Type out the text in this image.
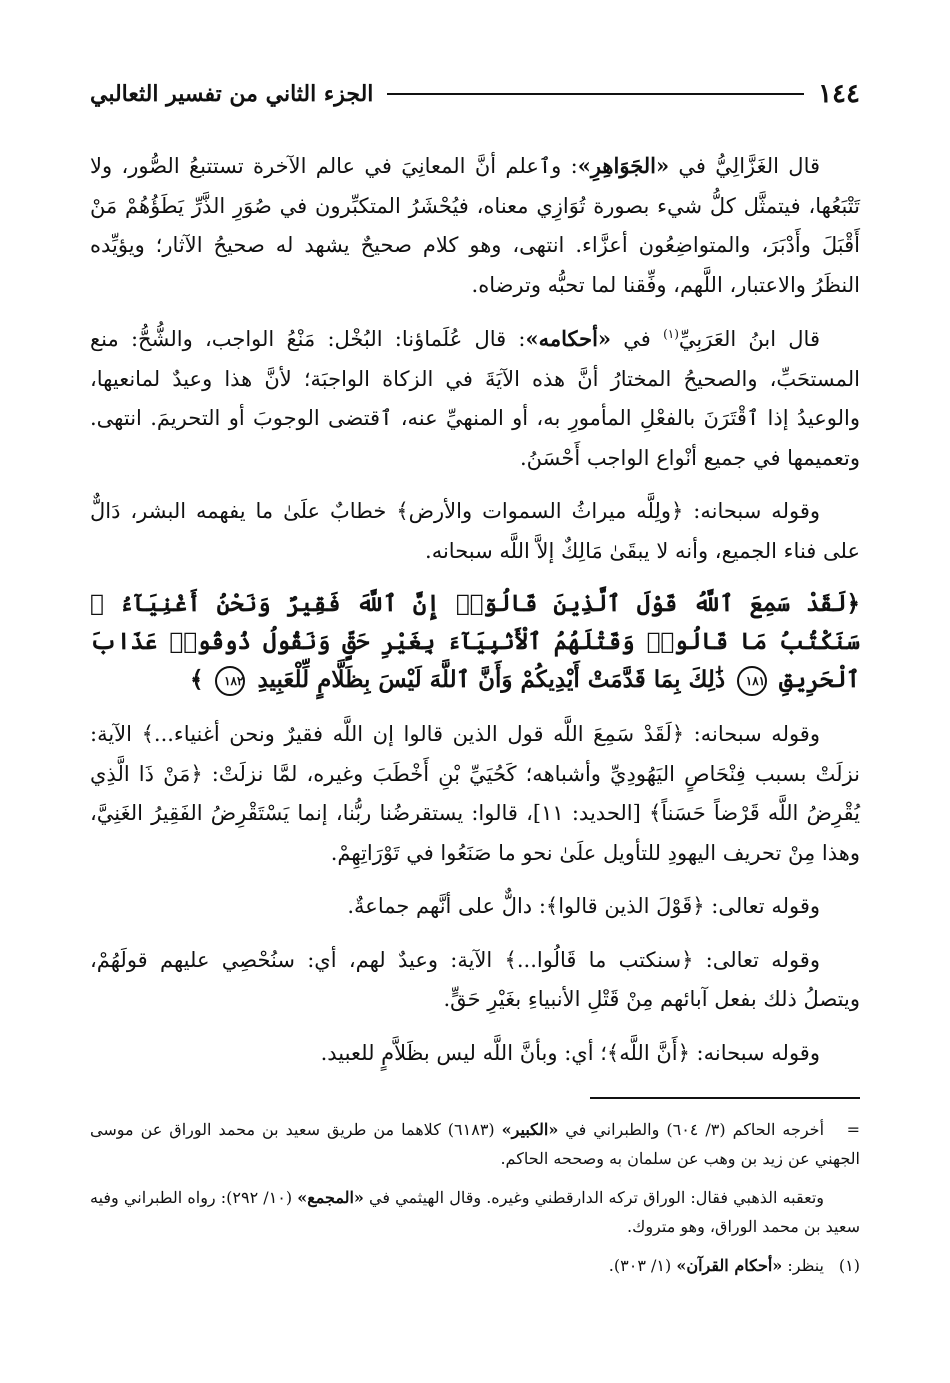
١٤٤
الجزء الثاني من تفسير الثعالبي

قال الغَزَّالِيُّ في «الجَوَاهِرِ»: وٱعلم أنَّ المعانِيَ في عالم الآخرة تستتبعُ الصُّور، ولا تَتْبَعُها، فيتمثَّل كلُّ شيء بصورة تُوَازِي معناه، فيُحْشَرُ المتكبِّرون في صُوَرِ الذَّرِّ يَطَؤُهُمْ مَنْ أَقْبَلَ وأَدْبَرَ، والمتواضِعُون أعزَّاء. انتهى، وهو كلام صحيحٌ يشهد له صحيحُ الآثار؛ ويؤيِّده النظَرُ والاعتبار، اللَّهم، وفِّقنا لما تحبُّه وترضاه.

قال ابنُ العَرَبِيِّ$^{(١)}$ في «أحكامه»: قال عُلَماؤنا: البُخْل: مَنْعُ الواجب، والشُّحُّ: منع المستحَبِّ، والصحيحُ المختارُ أنَّ هذه الآيَةَ في الزكاة الواجبَة؛ لأنَّ هذا وعيدٌ لمانعيها، والوعيدُ إذا ٱقْتَرَنَ بالفعْلِ المأمورِ به، أو المنهيِّ عنه، ٱقتضى الوجوبَ أو التحريمَ. انتهى. وتعميمها في جميع أنْواع الواجب أَحْسَنُ.

وقوله سبحانه: ﴿ولِلَّه ميراثُ السموات والأرض﴾ خطابٌ علَىٰ ما يفهمه البشر، دَالٌّ على فناء الجميع، وأنه لا يبقَىٰ مَالِكٌ إلاَّ اللَّه سبحانه.

﴿لَقَدْ سَمِعَ ٱللَّهُ قَوْلَ ٱلَّذِينَ قَالُوٓا۟ إِنَّ ٱللَّهَ فَقِيرٌ وَنَحْنُ أَغْنِيَآءُ ۘ سَنَكْتُبُ مَا قَالُوا۟ وَقَتْلَهُمُ ٱلْأَنۢبِيَآءَ بِغَيْرِ حَقٍّ وَنَقُولُ ذُوقُوا۟ عَذَابَ ٱلْحَرِيقِ ١٨١ ذَٰلِكَ بِمَا قَدَّمَتْ أَيْدِيكُمْ وَأَنَّ ٱللَّهَ لَيْسَ بِظَلَّامٍ لِّلْعَبِيدِ ١٨٢ ﴾

وقوله سبحانه: ﴿لَقَدْ سَمِعَ اللَّه قول الذين قالوا إن اللَّه فقيرٌ ونحن أغنياء...﴾ الآية: نزلَتْ بسبب فِنْحَاصٍ اليَهُودِيِّ وأشباهه؛ كَحُيَيِّ بْنِ أَخْطَبَ وغيره، لمَّا نزلَتْ: ﴿مَنْ ذَا الَّذِي يُقْرِضُ اللَّه قَرْضاً حَسَناً﴾ [الحديد: ١١]، قالوا: يستقرضُنا ربُّنا، إنما يَسْتَقْرِضُ الفَقِيرُ الغَنِيَّ، وهذا مِنْ تحريف اليهودِ للتأويل علَىٰ نحو ما صَنَعُوا في تَوْرَاتِهِمْ.

وقوله تعالى: ﴿قَوْلَ الذين قالوا﴾: دالٌّ على أنَّهم جماعةٌ.

وقوله تعالى: ﴿سنكتب ما قَالُوا...﴾ الآية: وعيدٌ لهم، أي: سنُحْصِي عليهم قولَهُمْ، ويتصلُ ذلك بفعل آبائهم مِنْ قَتْلِ الأنبياءِ بغَيْرِ حَقٍّ.

وقوله سبحانه: ﴿أَنَّ اللَّه﴾؛ أي: وبأنَّ اللَّه ليس بظَلاَّمٍ للعبيد.

=أخرجه الحاكم (٣/ ٦٠٤) والطبراني في «الكبير» (٦١٨٣) كلاهما من طريق سعيد بن محمد الوراق عن موسى الجهني عن زيد بن وهب عن سلمان به وصححه الحاكم.

وتعقبه الذهبي فقال: الوراق تركه الدارقطني وغيره. وقال الهيثمي في «المجمع» (١٠/ ٢٩٢): رواه الطبراني وفيه سعيد بن محمد الوراق، وهو متروك.

(١)ينظر: «أحكام القرآن» (١/ ٣٠٣).
